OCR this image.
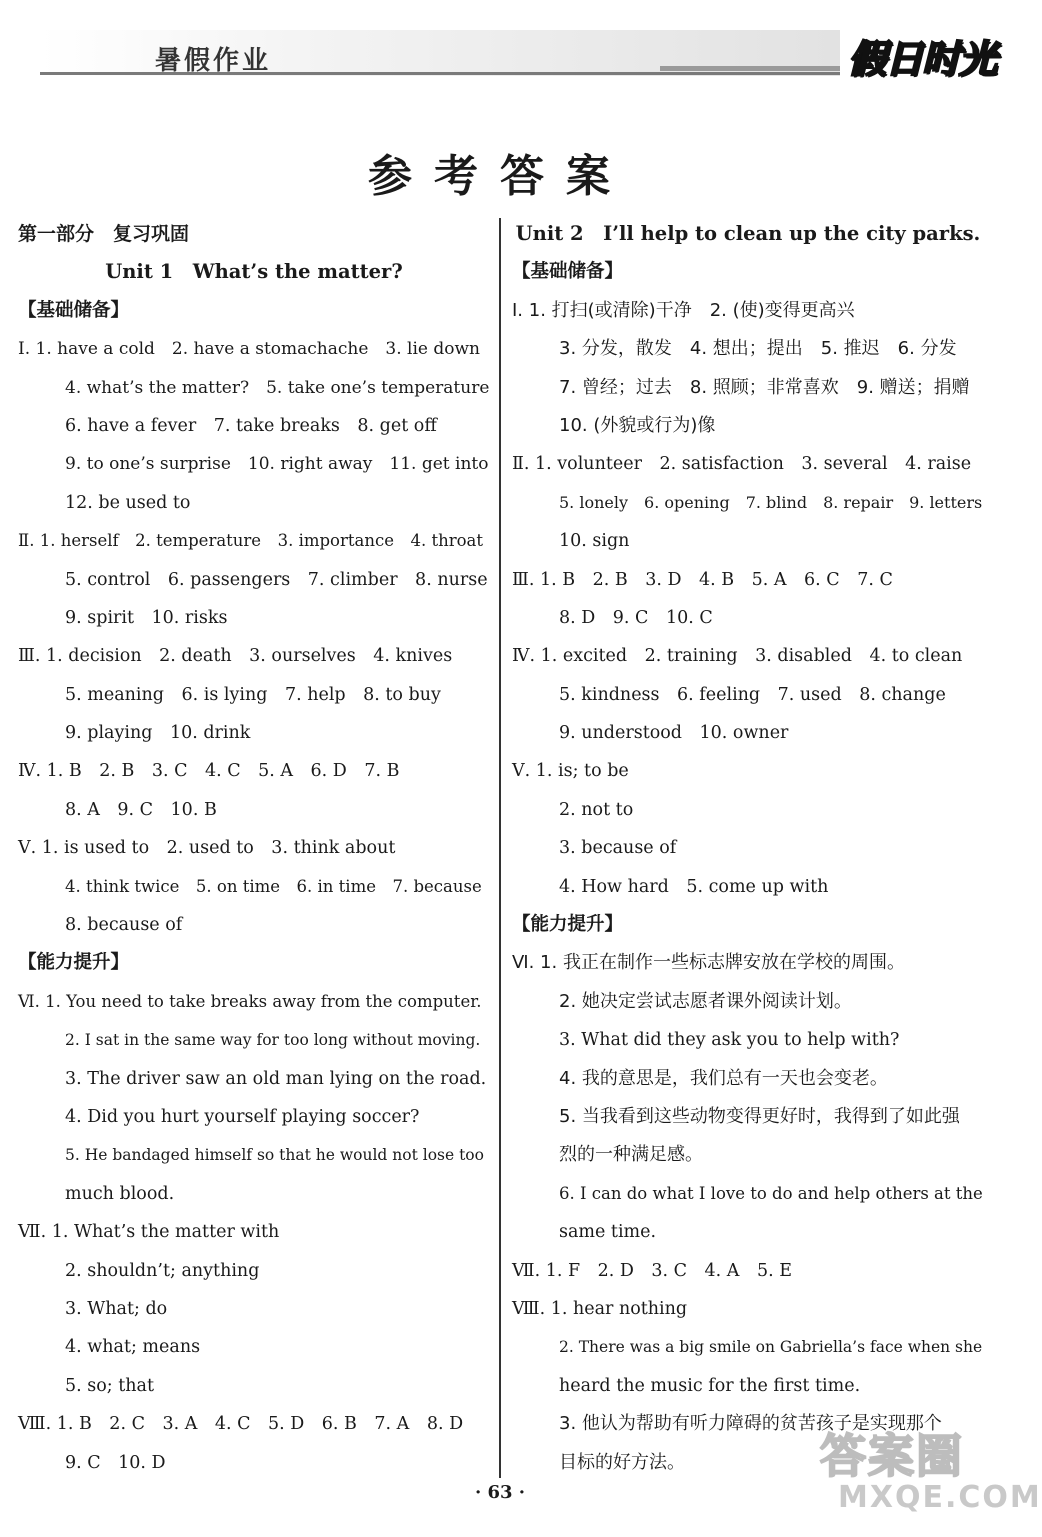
暑假作业	假日时光
参考答案
第一部分　复习巩固
Unit 1　What’s the matter?
【基础储备】
Ⅰ. 1. have a cold　2. have a stomachache　3. lie down
4. what’s the matter?　5. take one’s temperature
6. have a fever　7. take breaks　8. get off
9. to one’s surprise　10. right away　11. get into
12. be used to
Ⅱ. 1. herself　2. temperature　3. importance　4. throat
5. control　6. passengers　7. climber　8. nurse
9. spirit　10. risks
Ⅲ. 1. decision　2. death　3. ourselves　4. knives
5. meaning　6. is lying　7. help　8. to buy
9. playing　10. drink
Ⅳ. 1. B　2. B　3. C　4. C　5. A　6. D　7. B
8. A　9. C　10. B
Ⅴ. 1. is used to　2. used to　3. think about
4. think twice　5. on time　6. in time　7. because
8. because of
【能力提升】
Ⅵ. 1. You need to take breaks away from the computer.
2. I sat in the same way for too long without moving.
3. The driver saw an old man lying on the road.
4. Did you hurt yourself playing soccer?
5. He bandaged himself so that he would not lose too
much blood.
Ⅶ. 1. What’s the matter with
2. shouldn’t; anything
3. What; do
4. what; means
5. so; that
Ⅷ. 1. B　2. C　3. A　4. C　5. D　6. B　7. A　8. D
9. C　10. D
Unit 2　I’ll help to clean up the city parks.
【基础储备】
Ⅰ. 1. 打扫(或清除)干净　2. (使)变得更高兴
3. 分发，散发　4. 想出；提出　5. 推迟　6. 分发
7. 曾经；过去　8. 照顾；非常喜欢　9. 赠送；捐赠
10. (外貌或行为)像
Ⅱ. 1. volunteer　2. satisfaction　3. several　4. raise
5. lonely　6. opening　7. blind　8. repair　9. letters
10. sign
Ⅲ. 1. B　2. B　3. D　4. B　5. A　6. C　7. C
8. D　9. C　10. C
Ⅳ. 1. excited　2. training　3. disabled　4. to clean
5. kindness　6. feeling　7. used　8. change
9. understood　10. owner
Ⅴ. 1. is; to be
2. not to
3. because of
4. How hard　5. come up with
【能力提升】
Ⅵ. 1. 我正在制作一些标志牌安放在学校的周围。
2. 她决定尝试志愿者课外阅读计划。
3. What did they ask you to help with?
4. 我的意思是，我们总有一天也会变老。
5. 当我看到这些动物变得更好时，我得到了如此强
烈的一种满足感。
6. I can do what I love to do and help others at the
same time.
Ⅶ. 1. F　2. D　3. C　4. A　5. E
Ⅷ. 1. hear nothing
2. There was a big smile on Gabriella’s face when she
heard the music for the first time.
3. 他认为帮助有听力障碍的贫苦孩子是实现那个
目标的好方法。
· 63 ·
答案圈
MXQE.COM
